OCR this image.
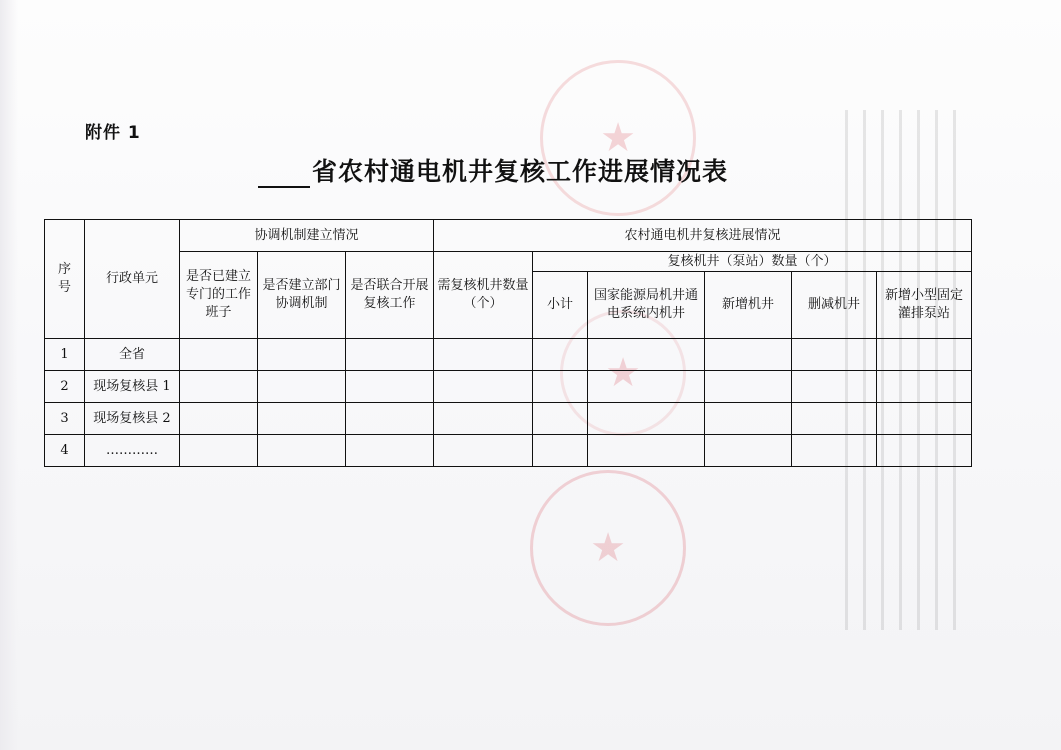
★
★
★
附件 1
省农村通电机井复核工作进展情况表
序号	行政单元	协调机制建立情况			农村通电机井复核进展情况					
		是否已建立专门的工作班子	是否建立部门协调机制	是否联合开展复核工作	需复核机井数量（个）	复核机井（泵站）数量（个）				
						小计	国家能源局机井通电系统内机井	新增机井	删减机井	新增小型固定灌排泵站
1	全省									
2	现场复核县 1									
3	现场复核县 2									
4	…………									
